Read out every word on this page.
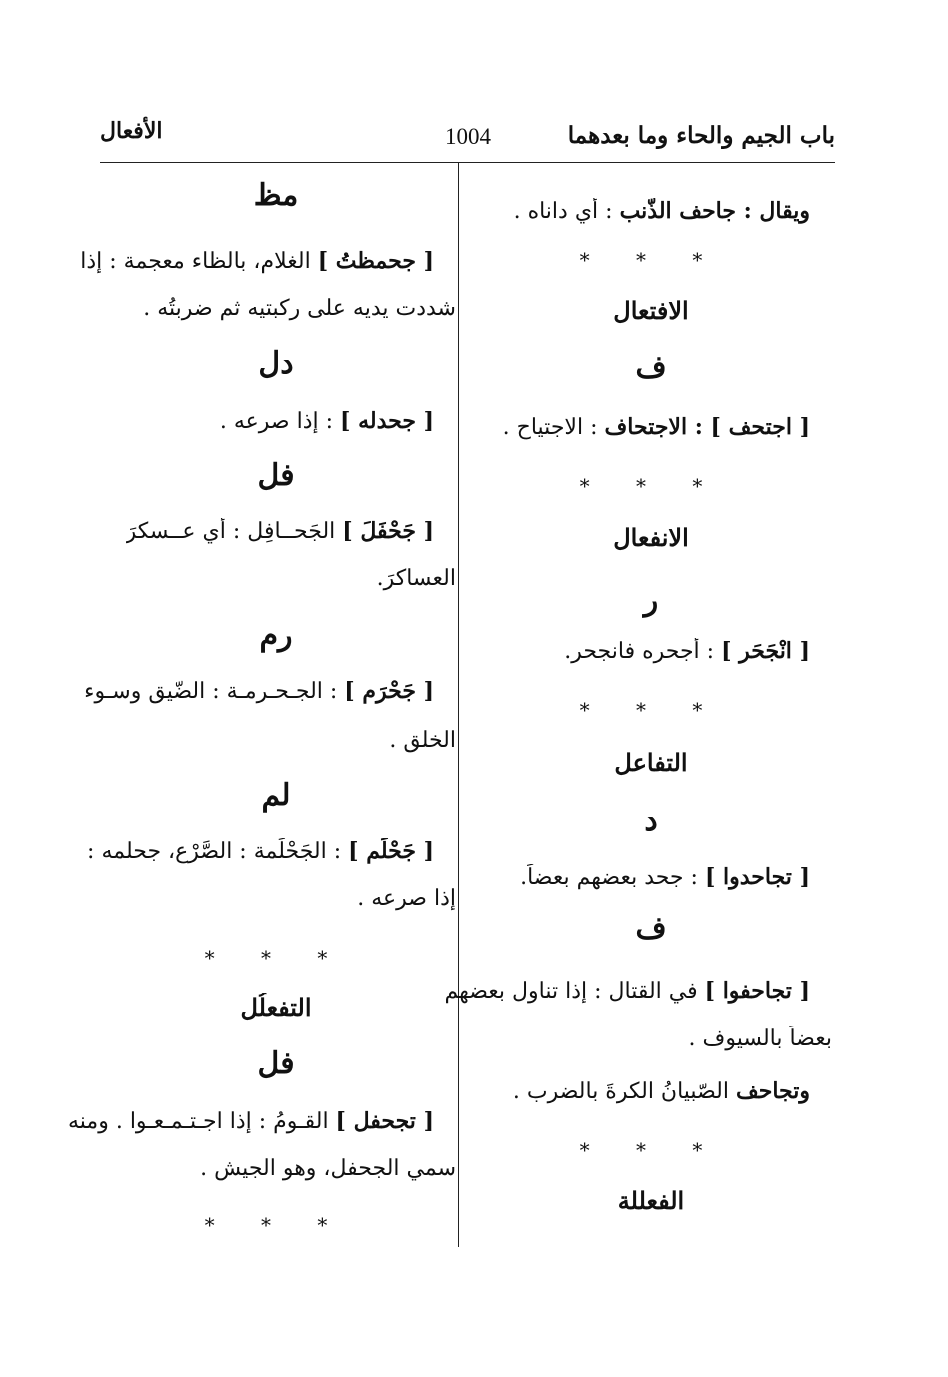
باب الجيم والحاء وما بعدهما
1004
الأفعال
ويقال : جاحف الذّنب : أي داناه .
* * *
الافتعال
ف
[ اجتحف ] : الاجتحاف : الاجتياح .
* * *
الانفعال
ر
[ انْجَحَر ] : أجحره فانجحر.
* * *
التفاعل
د
[ تجاحدوا ] : جحد بعضهم بعضاً.
ف
[ تجاحفوا ] في القتال : إذا تناول بعضهم
بعضاً بالسيوف .
وتجاحف الصّبيانُ الكرةَ بالضرب .
* * *
الفعللة
مظ
[ جحمظتُ ] الغلام، بالظاء معجمة : إذا
شددت يديه على ركبتيه ثم ضربتُه .
دل
[ جحدله ] : إذا صرعه .
فل
[ جَحْفَلَ ] الجَحــافِل : أي عــسكرَ
العساكرَ.
رم
[ جَحْرَم ] : الجـحـرمـة : الضّيق وسـوء
الخلق .
لم
[ جَحْلَم ] : الجَحْلَمة : الصَّرْع، جحلمه :
إذا صرعه .
* * *
التفعلُل
فل
[ تجحفل ] القـومُ : إذا اجـتـمـعـوا . ومنه
سمي الجحفل، وهو الجيش .
* * *
